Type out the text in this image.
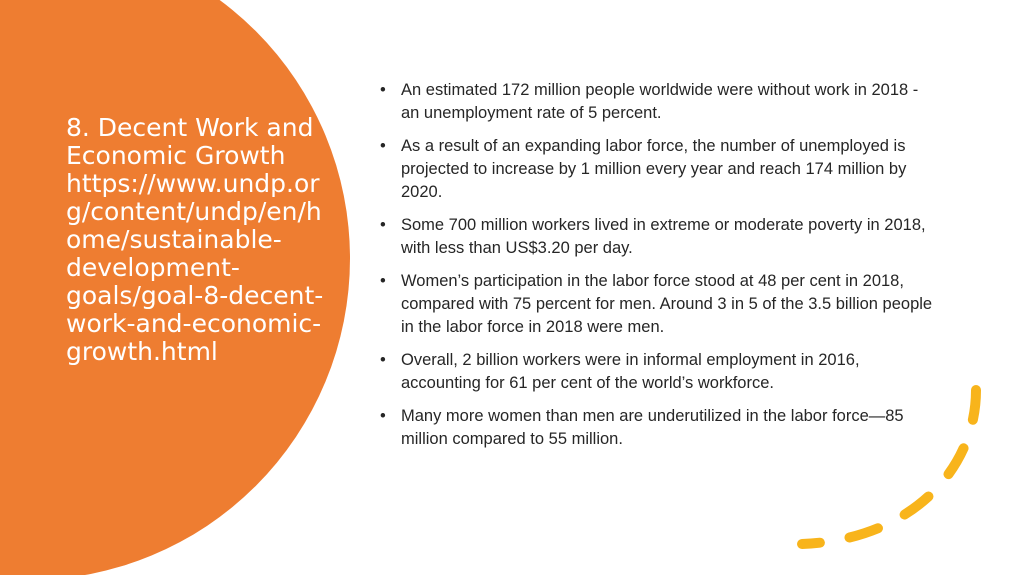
8. Decent Work and Economic Growth https://www.undp.org/content/undp/en/home/sustainable-development-goals/goal-8-decent-work-and-economic-growth.html
• An estimated 172 million people worldwide were without work in 2018 - an unemployment rate of 5 percent.
• As a result of an expanding labor force, the number of unemployed is projected to increase by 1 million every year and reach 174 million by 2020.
• Some 700 million workers lived in extreme or moderate poverty in 2018, with less than US$3.20 per day.
• Women’s participation in the labor force stood at 48 per cent in 2018, compared with 75 percent for men. Around 3 in 5 of the 3.5 billion people in the labor force in 2018 were men.
• Overall, 2 billion workers were in informal employment in 2016, accounting for 61 per cent of the world’s workforce.
• Many more women than men are underutilized in the labor force—85 million compared to 55 million.
